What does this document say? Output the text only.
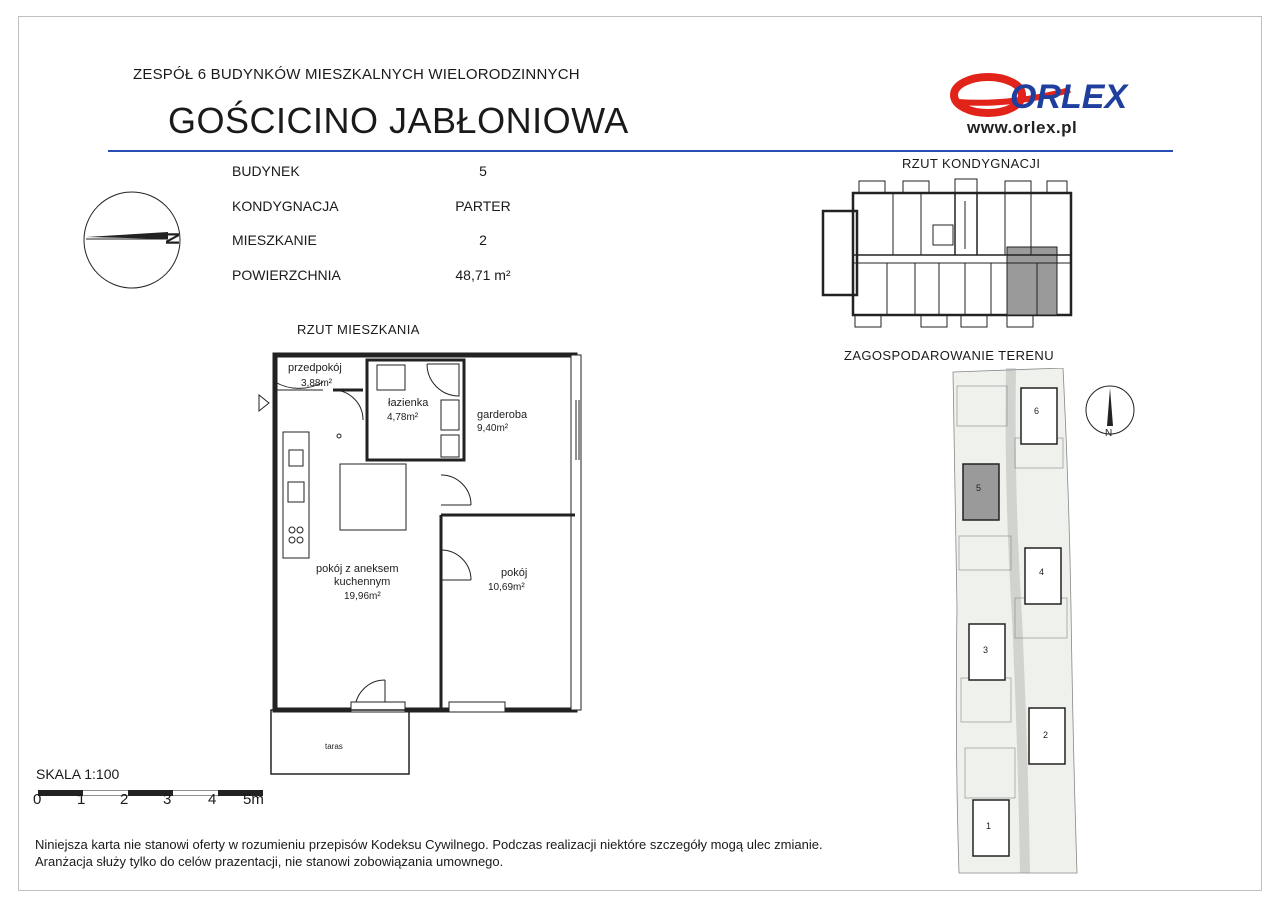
ZESPÓŁ 6 BUDYNKÓW MIESZKALNYCH WIELORODZINNYCH
GOŚCICINO JABŁONIOWA
ORLEX
www.orlex.pl
N
BUDYNEK	5
KONDYGNACJA	PARTER
MIESZKANIE	2
POWIERZCHNIA	48,71 m²
RZUT MIESZKANIA
przedpokój
3,88m²
łazienka
4,78m²	garderoba
9,40m²
pokój z aneksem
kuchennym
19,96m²
pokój
10,69m²
taras
RZUT KONDYGNACJI
ZAGOSPODAROWANIE TERENU
6
5
4
3
2
1
N
SKALA 1:100
0 1 2 3 4 5m
Niniejsza karta nie stanowi oferty w rozumieniu przepisów Kodeksu Cywilnego. Podczas realizacji niektóre szczegóły mogą ulec zmianie.
Aranżacja służy tylko do celów prazentacji, nie stanowi zobowiązania umownego.
